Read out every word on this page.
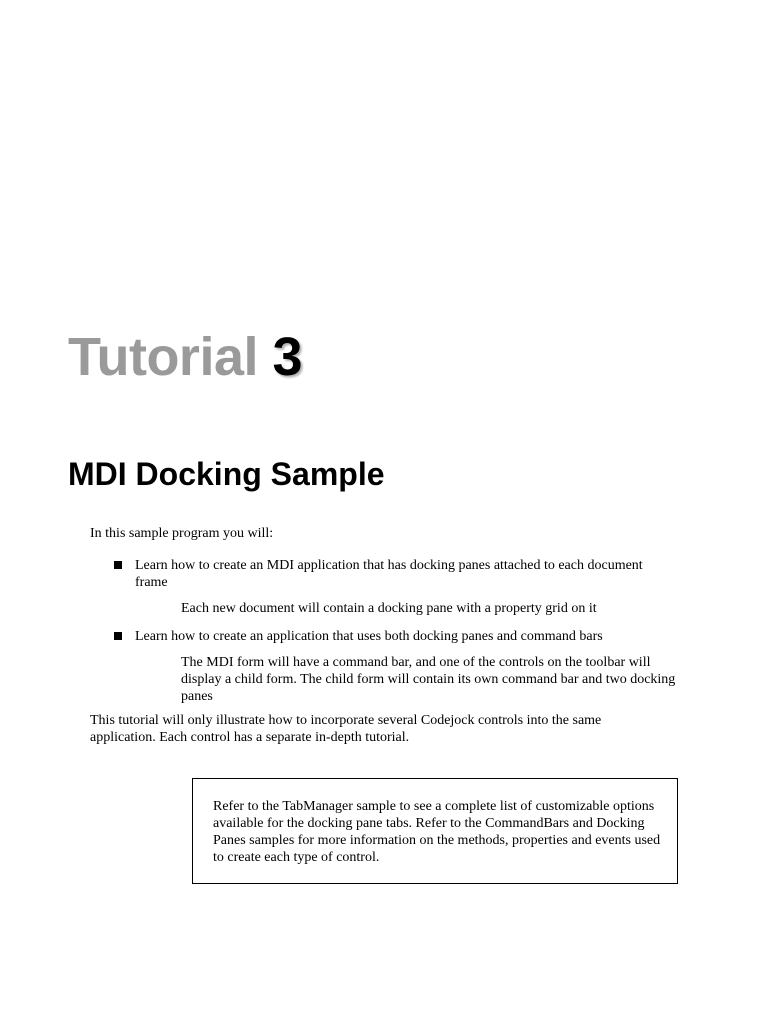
Tutorial 3
MDI Docking Sample

In this sample program you will:

Learn how to create an MDI application that has docking panes attached to each document frame

Each new document will contain a docking pane with a property grid on it

Learn how to create an application that uses both docking panes and command bars

The MDI form will have a command bar, and one of the controls on the toolbar will display a child form. The child form will contain its own command bar and two docking panes

This tutorial will only illustrate how to incorporate several Codejock controls into the same application. Each control has a separate in-depth tutorial.

Refer to the TabManager sample to see a complete list of customizable options available for the docking pane tabs. Refer to the CommandBars and Docking Panes samples for more information on the methods, properties and events used to create each type of control.
